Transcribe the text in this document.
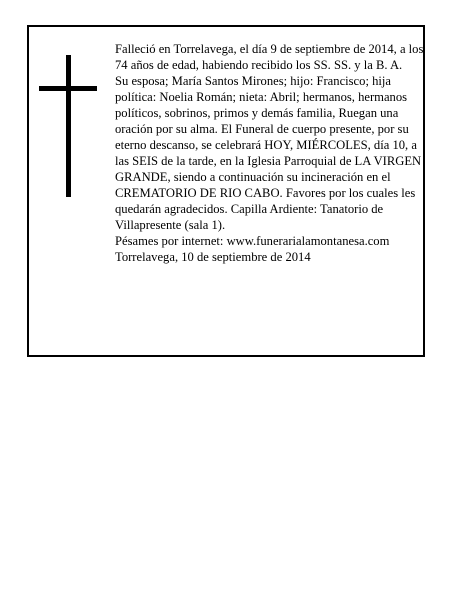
Falleció en Torrelavega, el día 9 de septiembre de 2014, a los 74 años de edad, habiendo recibido los SS. SS. y la B. A.

Su esposa; María Santos Mirones; hijo: Francisco; hija política: Noelia Román; nieta: Abril; hermanos, hermanos políticos, sobrinos, primos y demás familia, Ruegan una oración por su alma. El Funeral de cuerpo presente, por su eterno descanso, se celebrará HOY, MIÉRCOLES, día 10, a las SEIS de la tarde, en la Iglesia Parroquial de LA VIRGEN GRANDE, siendo a continuación su incineración en el CREMATORIO DE RIO CABO. Favores por los cuales les quedarán agradecidos. Capilla Ardiente: Tanatorio de Villapresente (sala 1).

Pésames por internet: www.funerarialamontanesa.com

Torrelavega, 10 de septiembre de 2014
